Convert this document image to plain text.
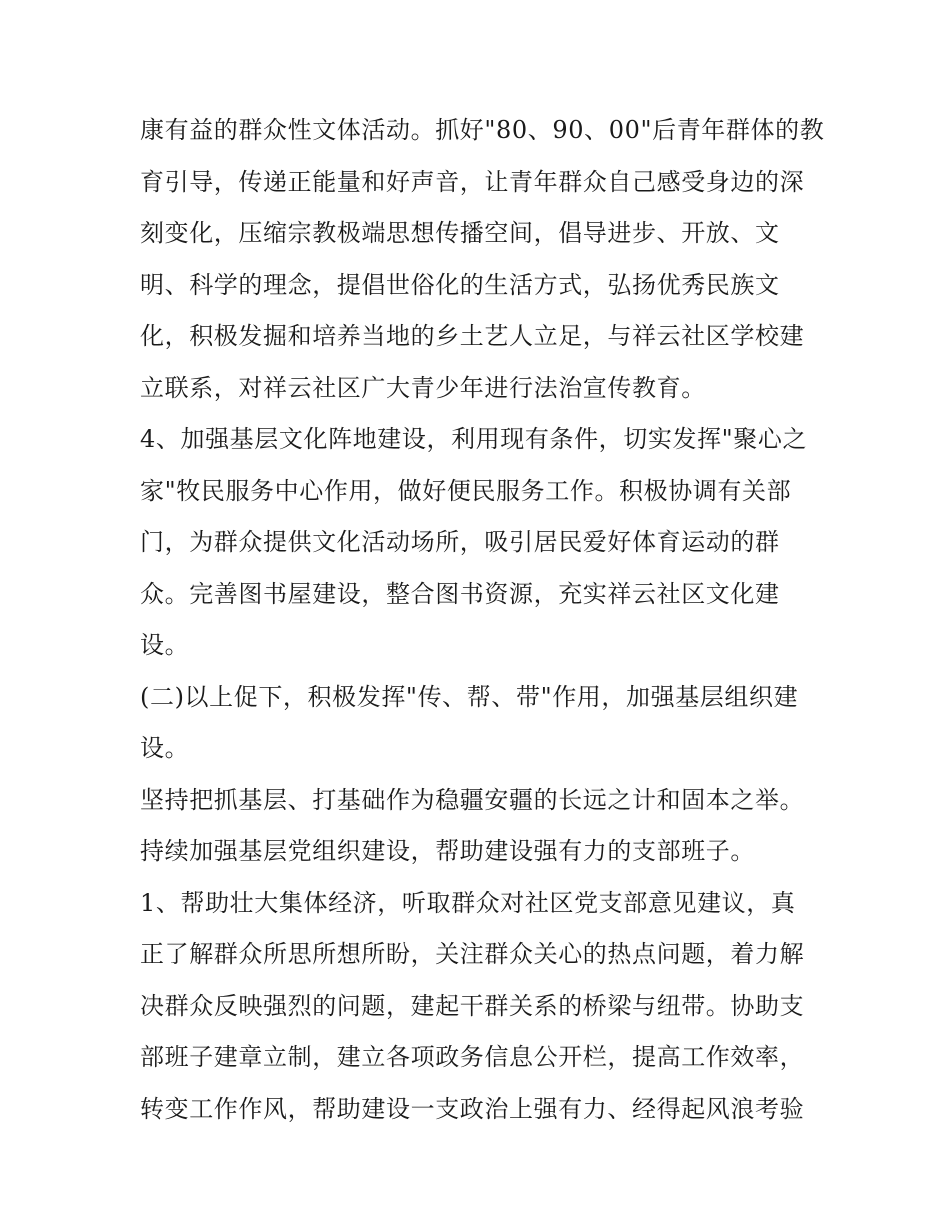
康有益的群众性文体活动。抓好"80、90、00"后青年群体的教
育引导，传递正能量和好声音，让青年群众自己感受身边的深
刻变化，压缩宗教极端思想传播空间，倡导进步、开放、文
明、科学的理念，提倡世俗化的生活方式，弘扬优秀民族文
化，积极发掘和培养当地的乡土艺人立足，与祥云社区学校建
立联系，对祥云社区广大青少年进行法治宣传教育。
4、加强基层文化阵地建设，利用现有条件，切实发挥"聚心之
家"牧民服务中心作用，做好便民服务工作。积极协调有关部
门，为群众提供文化活动场所，吸引居民爱好体育运动的群
众。完善图书屋建设，整合图书资源，充实祥云社区文化建
设。
(二)以上促下，积极发挥"传、帮、带"作用，加强基层组织建
设。
坚持把抓基层、打基础作为稳疆安疆的长远之计和固本之举。
持续加强基层党组织建设，帮助建设强有力的支部班子。
1、帮助壮大集体经济，听取群众对社区党支部意见建议，真
正了解群众所思所想所盼，关注群众关心的热点问题，着力解
决群众反映强烈的问题，建起干群关系的桥梁与纽带。协助支
部班子建章立制，建立各项政务信息公开栏，提高工作效率，
转变工作作风，帮助建设一支政治上强有力、经得起风浪考验
